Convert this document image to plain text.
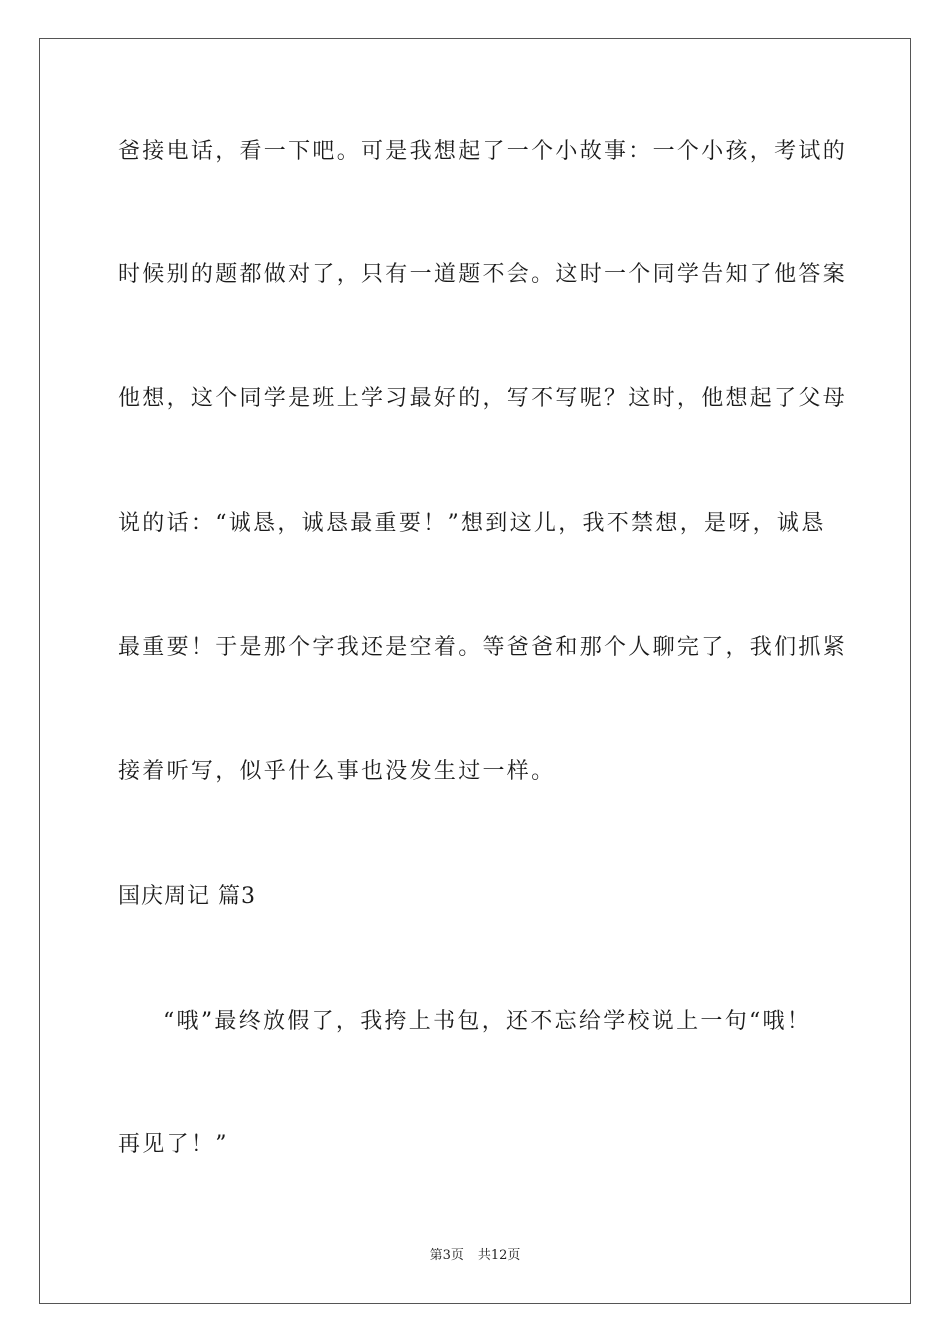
爸接电话，看一下吧。可是我想起了一个小故事：一个小孩，考试的
时候别的题都做对了，只有一道题不会。这时一个同学告知了他答案
他想，这个同学是班上学习最好的，写不写呢？这时，他想起了父母
说的话：“诚恳，诚恳最重要！”想到这儿，我不禁想，是呀，诚恳
最重要！于是那个字我还是空着。等爸爸和那个人聊完了，我们抓紧
接着听写，似乎什么事也没发生过一样。
国庆周记 篇3
“哦”最终放假了，我挎上书包，还不忘给学校说上一句“哦！
再见了！”
第3页 共12页
